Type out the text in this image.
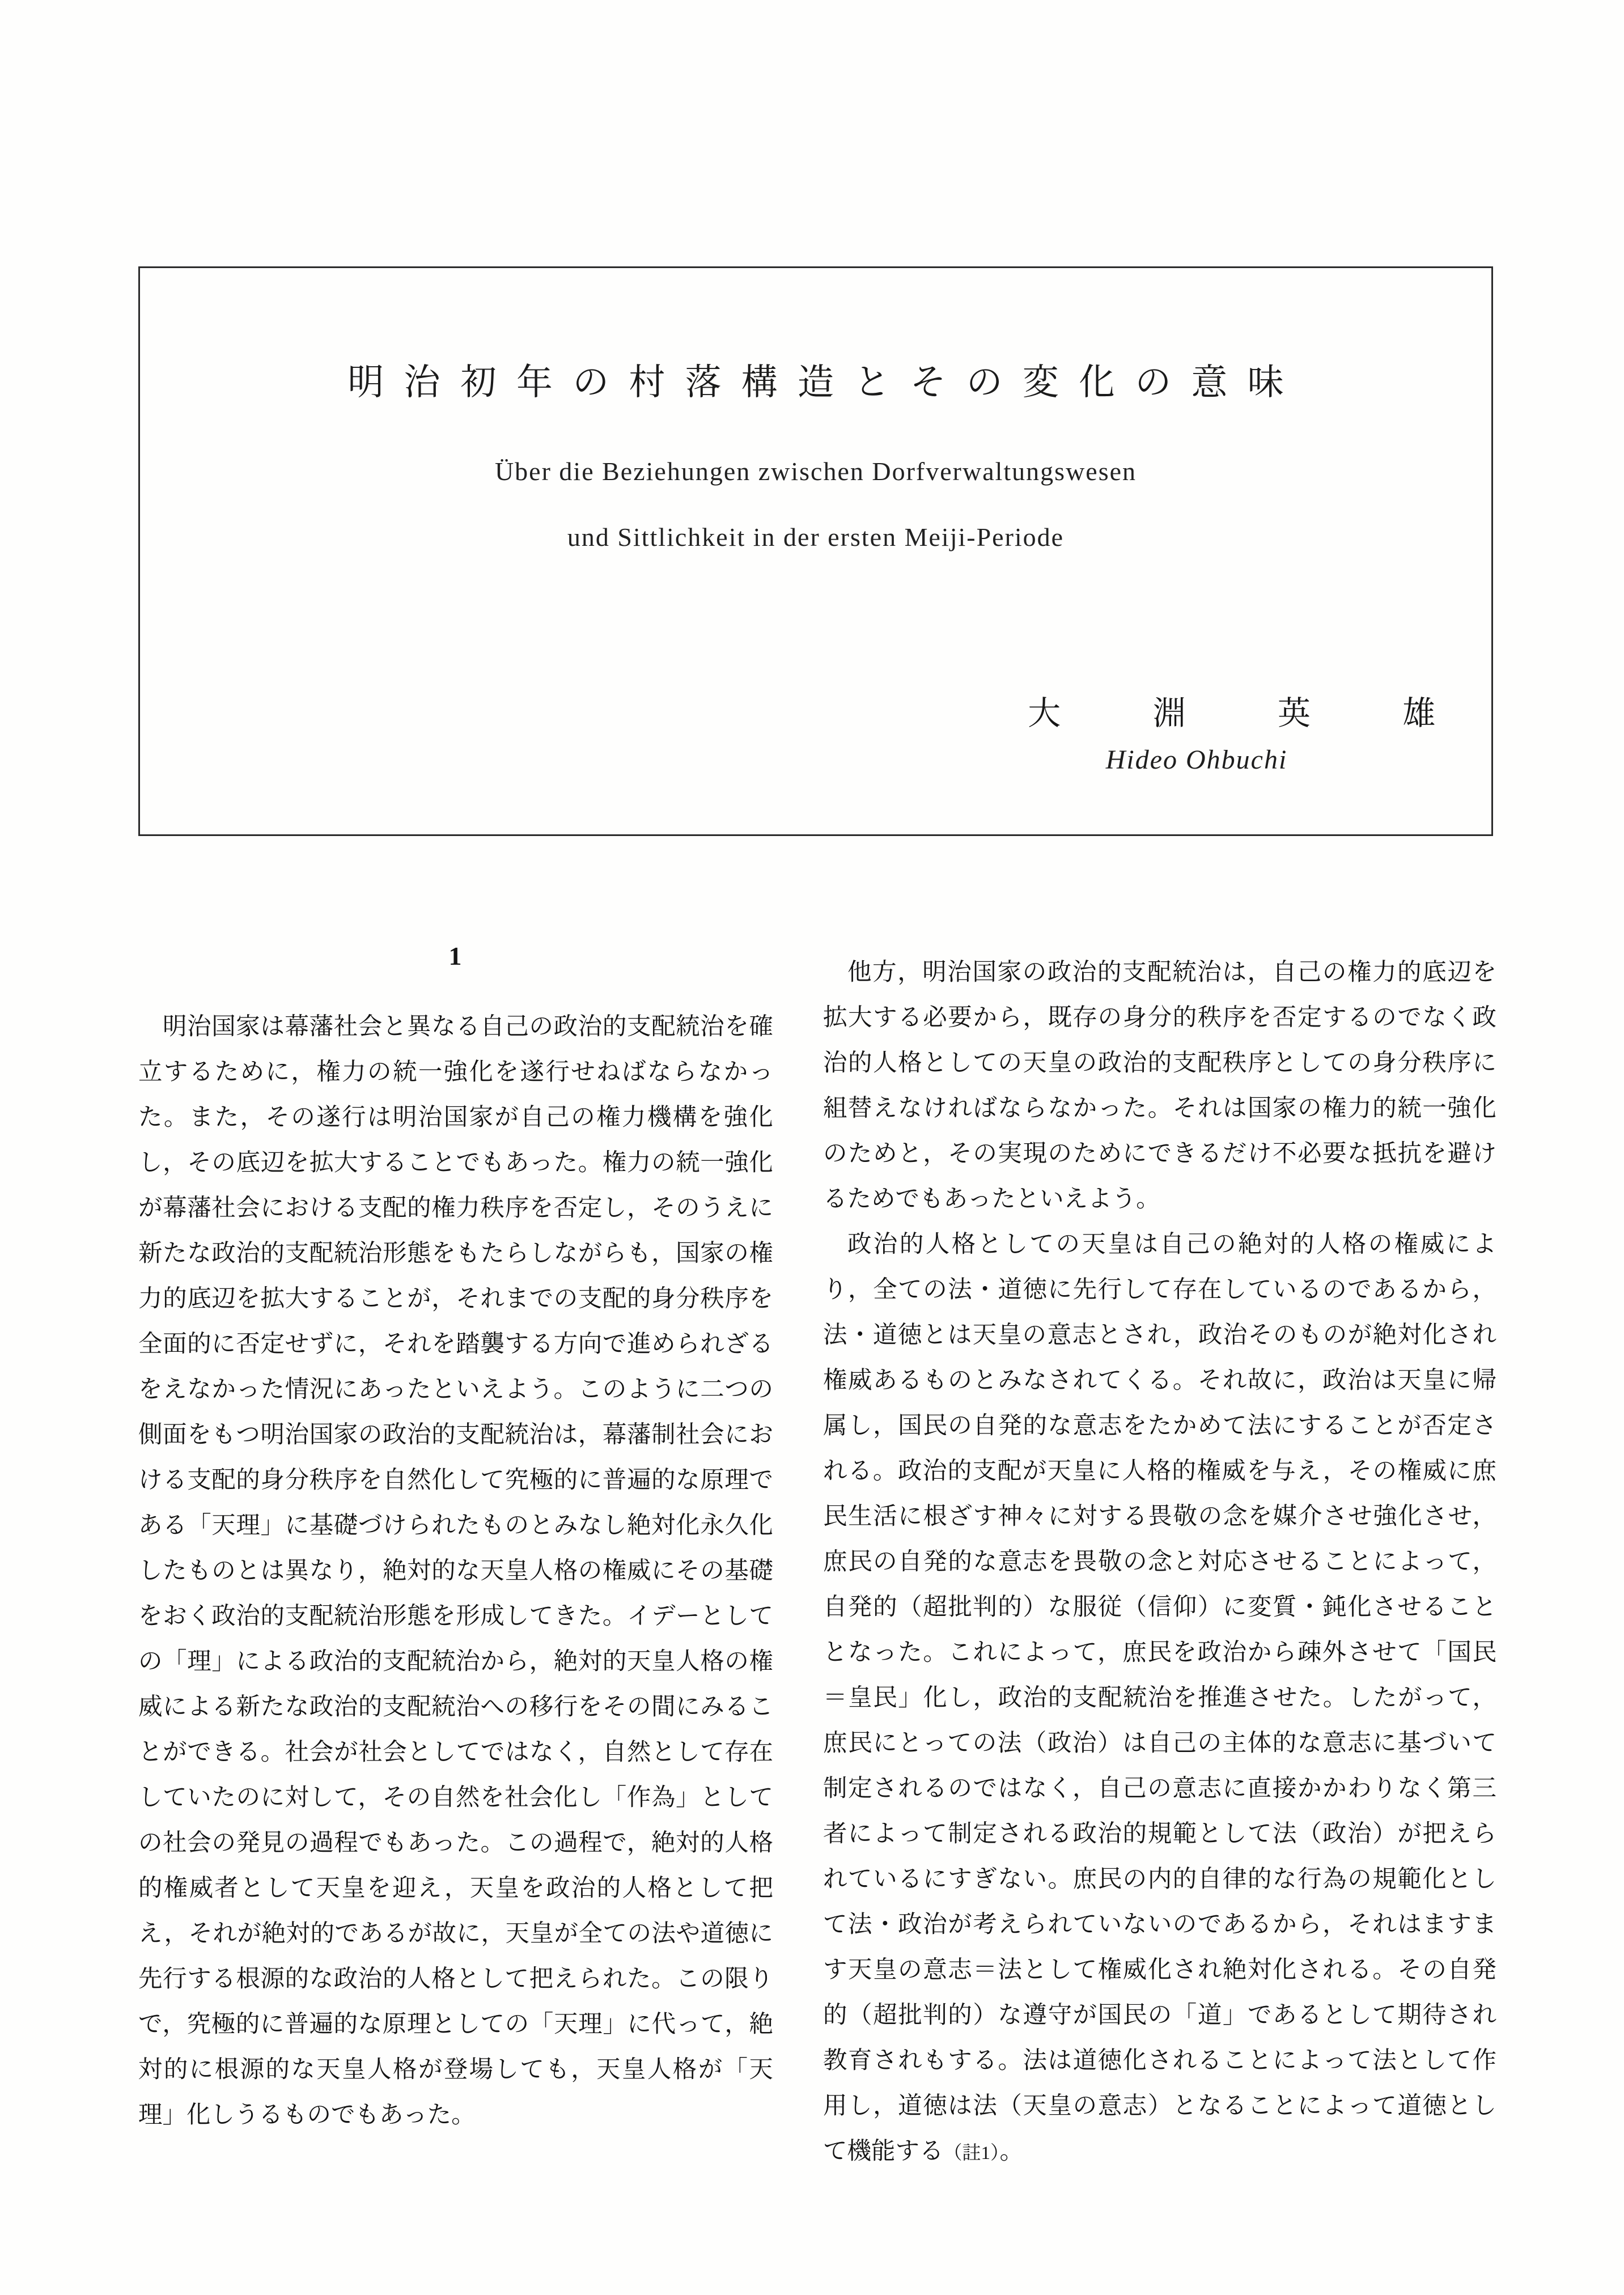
明治初年の村落構造とその変化の意味
Über die Beziehungen zwischen Dorfverwaltungswesen
und Sittlichkeit in der ersten Meiji-Periode
大　淵　英　雄
Hideo Ohbuchi
1

明治国家は幕藩社会と異なる自己の政治的支配統治を確立するために，権力の統一強化を遂行せねばならなかった。また，その遂行は明治国家が自己の権力機構を強化し，その底辺を拡大することでもあった。権力の統一強化が幕藩社会における支配的権力秩序を否定し，そのうえに新たな政治的支配統治形態をもたらしながらも，国家の権力的底辺を拡大することが，それまでの支配的身分秩序を全面的に否定せずに，それを踏襲する方向で進められざるをえなかった情況にあったといえよう。このように二つの側面をもつ明治国家の政治的支配統治は，幕藩制社会における支配的身分秩序を自然化して究極的に普遍的な原理である「天理」に基礎づけられたものとみなし絶対化永久化したものとは異なり，絶対的な天皇人格の権威にその基礎をおく政治的支配統治形態を形成してきた。イデーとしての「理」による政治的支配統治から，絶対的天皇人格の権威による新たな政治的支配統治への移行をその間にみることができる。社会が社会としてではなく，自然として存在していたのに対して，その自然を社会化し「作為」としての社会の発見の過程でもあった。この過程で，絶対的人格的権威者として天皇を迎え，天皇を政治的人格として把え，それが絶対的であるが故に，天皇が全ての法や道徳に先行する根源的な政治的人格として把えられた。この限りで，究極的に普遍的な原理としての「天理」に代って，絶対的に根源的な天皇人格が登場しても，天皇人格が「天理」化しうるものでもあった。

他方，明治国家の政治的支配統治は，自己の権力的底辺を拡大する必要から，既存の身分的秩序を否定するのでなく政治的人格としての天皇の政治的支配秩序としての身分秩序に組替えなければならなかった。それは国家の権力的統一強化のためと，その実現のためにできるだけ不必要な抵抗を避けるためでもあったといえよう。

政治的人格としての天皇は自己の絶対的人格の権威により，全ての法・道徳に先行して存在しているのであるから，法・道徳とは天皇の意志とされ，政治そのものが絶対化され権威あるものとみなされてくる。それ故に，政治は天皇に帰属し，国民の自発的な意志をたかめて法にすることが否定される。政治的支配が天皇に人格的権威を与え，その権威に庶民生活に根ざす神々に対する畏敬の念を媒介させ強化させ，庶民の自発的な意志を畏敬の念と対応させることによって，自発的（超批判的）な服従（信仰）に変質・鈍化させることとなった。これによって，庶民を政治から疎外させて「国民＝皇民」化し，政治的支配統治を推進させた。したがって，庶民にとっての法（政治）は自己の主体的な意志に基づいて制定されるのではなく，自己の意志に直接かかわりなく第三者によって制定される政治的規範として法（政治）が把えられているにすぎない。庶民の内的自律的な行為の規範化として法・政治が考えられていないのであるから，それはますます天皇の意志＝法として権威化され絶対化される。その自発的（超批判的）な遵守が国民の「道」であるとして期待され教育されもする。法は道徳化されることによって法として作用し，道徳は法（天皇の意志）となることによって道徳として機能する（註1）。
